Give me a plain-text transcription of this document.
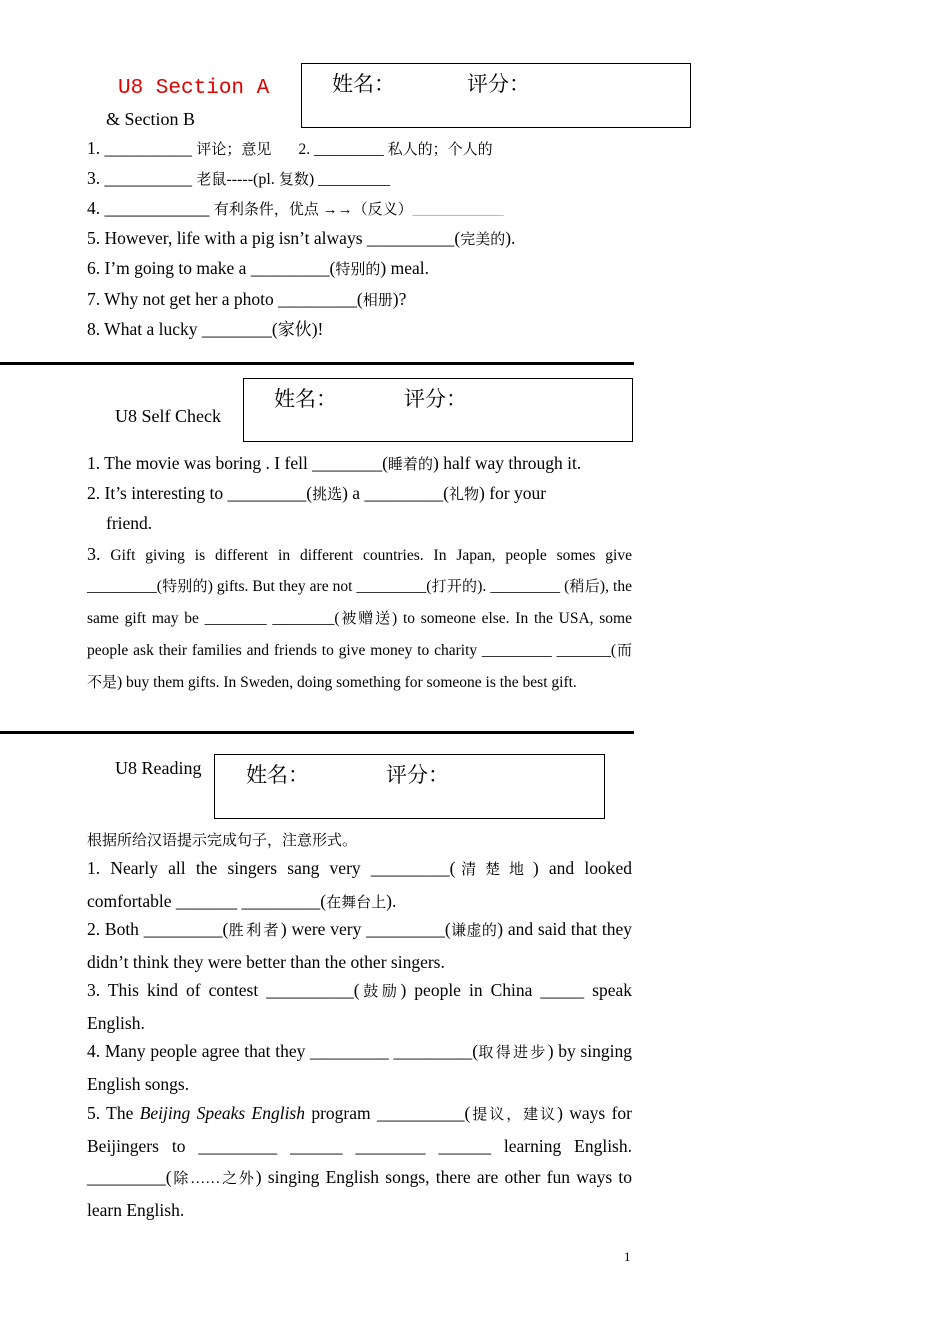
U8 Section A
& Section B
姓名：	评分：
1. __________ 评论；意见       2. _________ 私人的；个人的
3. __________ 老鼠-----(pl. 复数) _________
4. ____________ 有利条件，优点 →→（反义）_____________
5. However, life with a pig isn’t always __________(完美的).
6. I’m going to make a _________(特别的) meal.
7. Why not get her a photo _________(相册)?
8. What a lucky ________(家伙)!
U8 Self Check
姓名：	评分：
1. The movie was boring . I fell ________(睡着的) half way through it.
2. It’s interesting to _________(挑选) a _________(礼物) for your
friend.
3. Gift giving is different in different countries. In Japan, people somes give _________(特别的) gifts. But they are not _________(打开的). _________ (稍后), the same gift may be ________ ________(被赠送) to someone else. In the USA, some people ask their families and friends to give money to charity _________ _______(而不是) buy them gifts. In Sweden, doing something for someone is the best gift.
U8 Reading 姓名：	评分：
根据所给汉语提示完成句子，注意形式。
1. Nearly all the singers sang very _________(清楚地) and looked comfortable _______ _________(在舞台上).
2. Both _________(胜利者) were very _________(谦虚的) and said that they didn’t think they were better than the other singers.
3. This kind of contest __________(鼓励) people in China _____ speak English.
4. Many people agree that they _________ _________(取得进步) by singing English songs.
5. The Beijing Speaks English program __________(提议，建议) ways for Beijingers to _________ ______ ________ ______ learning English. _________(除……之外) singing English songs, there are other fun ways to learn English.
1
